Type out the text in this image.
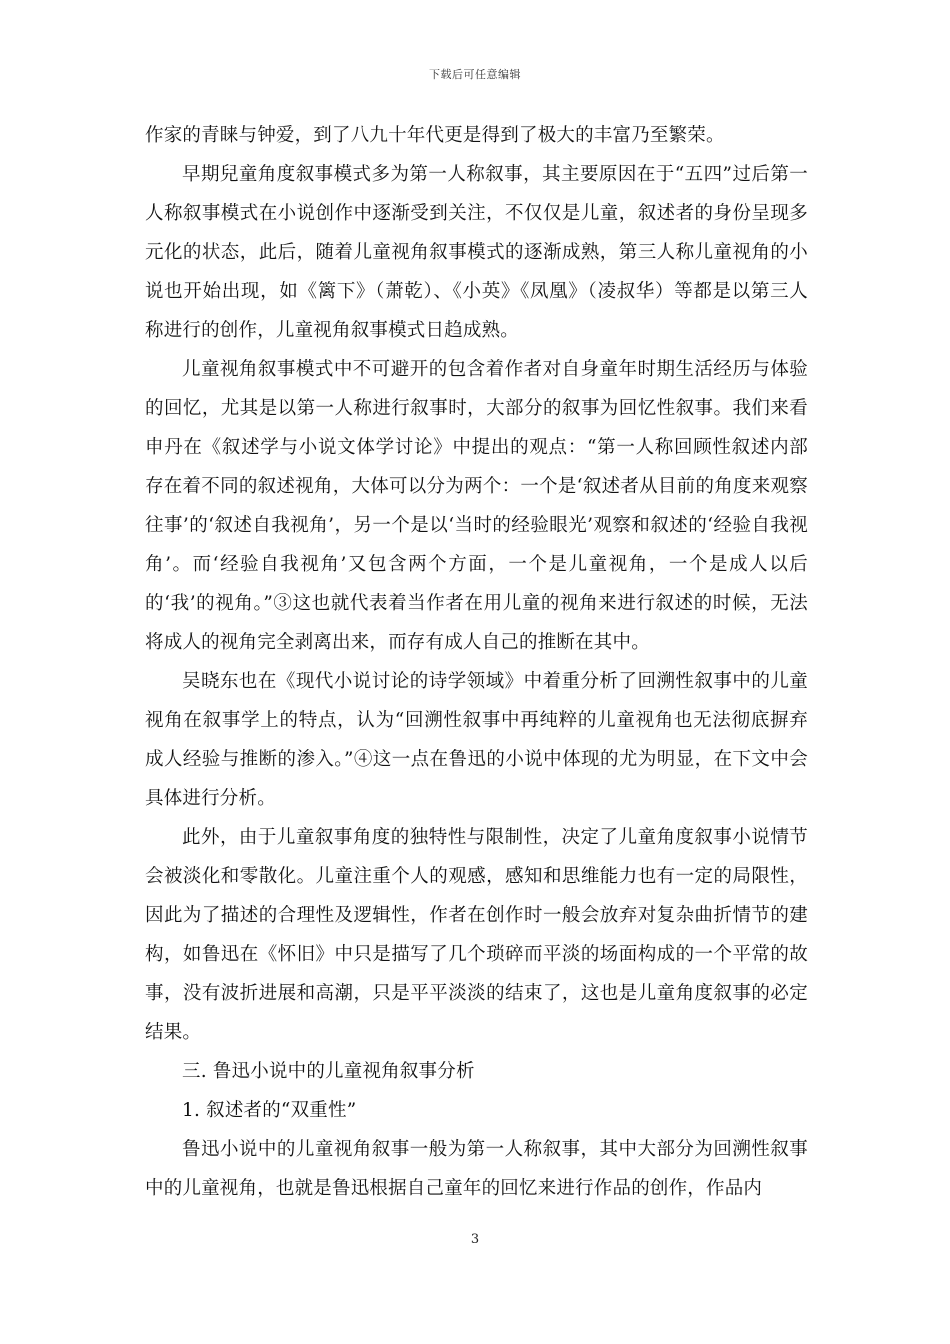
下载后可任意编辑

作家的青睐与钟爱，到了八九十年代更是得到了极大的丰富乃至繁荣。

早期兒童角度叙事模式多为第一人称叙事，其主要原因在于“五四”过后第一人称叙事模式在小说创作中逐渐受到关注，不仅仅是儿童，叙述者的身份呈现多元化的状态，此后，随着儿童视角叙事模式的逐渐成熟，第三人称儿童视角的小说也开始出现，如《篱下》（萧乾）、《小英》《凤凰》（凌叔华）等都是以第三人称进行的创作，儿童视角叙事模式日趋成熟。

儿童视角叙事模式中不可避开的包含着作者对自身童年时期生活经历与体验的回忆，尤其是以第一人称进行叙事时，大部分的叙事为回忆性叙事。我们来看申丹在《叙述学与小说文体学讨论》中提出的观点：“第一人称回顾性叙述内部存在着不同的叙述视角，大体可以分为两个：一个是‘叙述者从目前的角度来观察往事’的‘叙述自我视角’，另一个是以‘当时的经验眼光’观察和叙述的‘经验自我视角’。而‘经验自我视角’又包含两个方面，一个是儿童视角，一个是成人以后的‘我’的视角。”③这也就代表着当作者在用儿童的视角来进行叙述的时候，无法将成人的视角完全剥离出来，而存有成人自己的推断在其中。

吴晓东也在《现代小说讨论的诗学领域》中着重分析了回溯性叙事中的儿童视角在叙事学上的特点，认为“回溯性叙事中再纯粹的儿童视角也无法彻底摒弃成人经验与推断的渗入。”④这一点在鲁迅的小说中体现的尤为明显，在下文中会具体进行分析。

此外，由于儿童叙事角度的独特性与限制性，决定了儿童角度叙事小说情节会被淡化和零散化。儿童注重个人的观感，感知和思维能力也有一定的局限性，因此为了描述的合理性及逻辑性，作者在创作时一般会放弃对复杂曲折情节的建构，如鲁迅在《怀旧》中只是描写了几个琐碎而平淡的场面构成的一个平常的故事，没有波折进展和高潮，只是平平淡淡的结束了，这也是儿童角度叙事的必定结果。

三. 鲁迅小说中的儿童视角叙事分析

1. 叙述者的“双重性”

鲁迅小说中的儿童视角叙事一般为第一人称叙事，其中大部分为回溯性叙事中的儿童视角，也就是鲁迅根据自己童年的回忆来进行作品的创作，作品内

3
